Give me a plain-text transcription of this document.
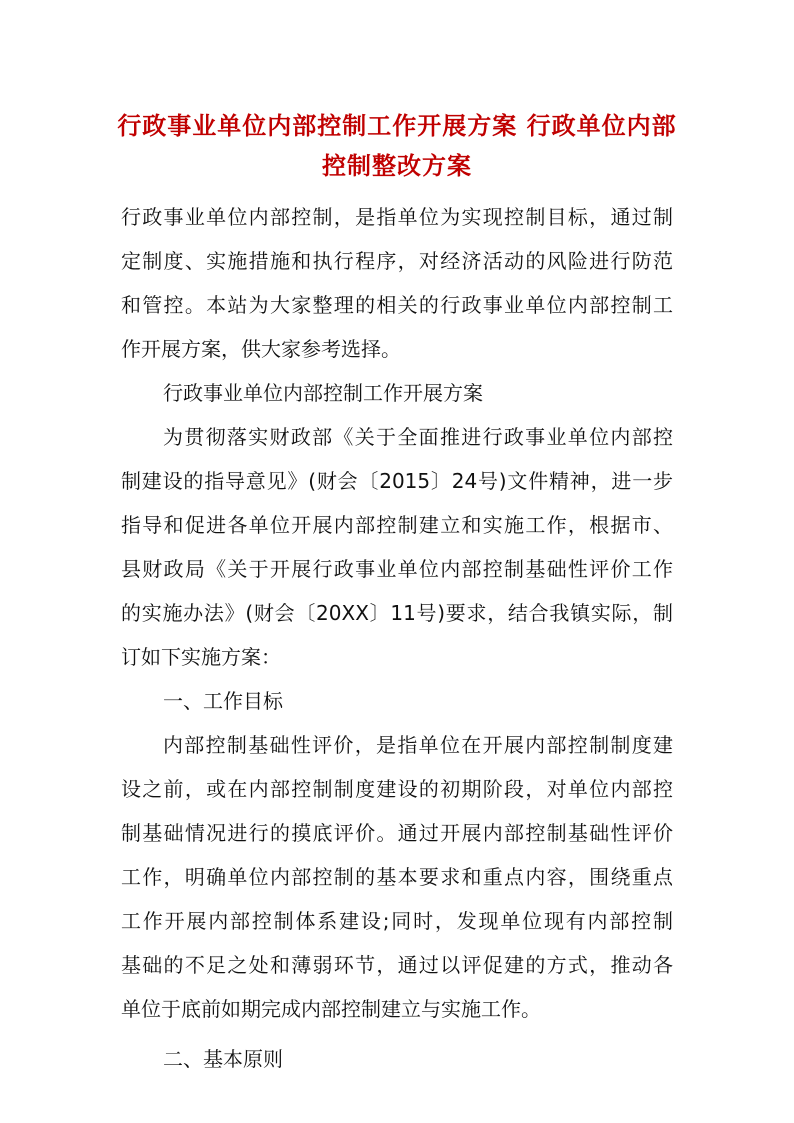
行政事业单位内部控制工作开展方案 行政单位内部
控制整改方案
行政事业单位内部控制，是指单位为实现控制目标，通过制
定制度、实施措施和执行程序，对经济活动的风险进行防范
和管控。本站为大家整理的相关的行政事业单位内部控制工
作开展方案，供大家参考选择。
行政事业单位内部控制工作开展方案
为贯彻落实财政部《关于全面推进行政事业单位内部控
制建设的指导意见》(财会〔2015〕24号)文件精神，进一步
指导和促进各单位开展内部控制建立和实施工作，根据市、
县财政局《关于开展行政事业单位内部控制基础性评价工作
的实施办法》(财会〔20XX〕11号)要求，结合我镇实际，制
订如下实施方案：
一、工作目标
内部控制基础性评价，是指单位在开展内部控制制度建
设之前，或在内部控制制度建设的初期阶段，对单位内部控
制基础情况进行的摸底评价。通过开展内部控制基础性评价
工作，明确单位内部控制的基本要求和重点内容，围绕重点
工作开展内部控制体系建设;同时，发现单位现有内部控制
基础的不足之处和薄弱环节，通过以评促建的方式，推动各
单位于底前如期完成内部控制建立与实施工作。
二、基本原则
